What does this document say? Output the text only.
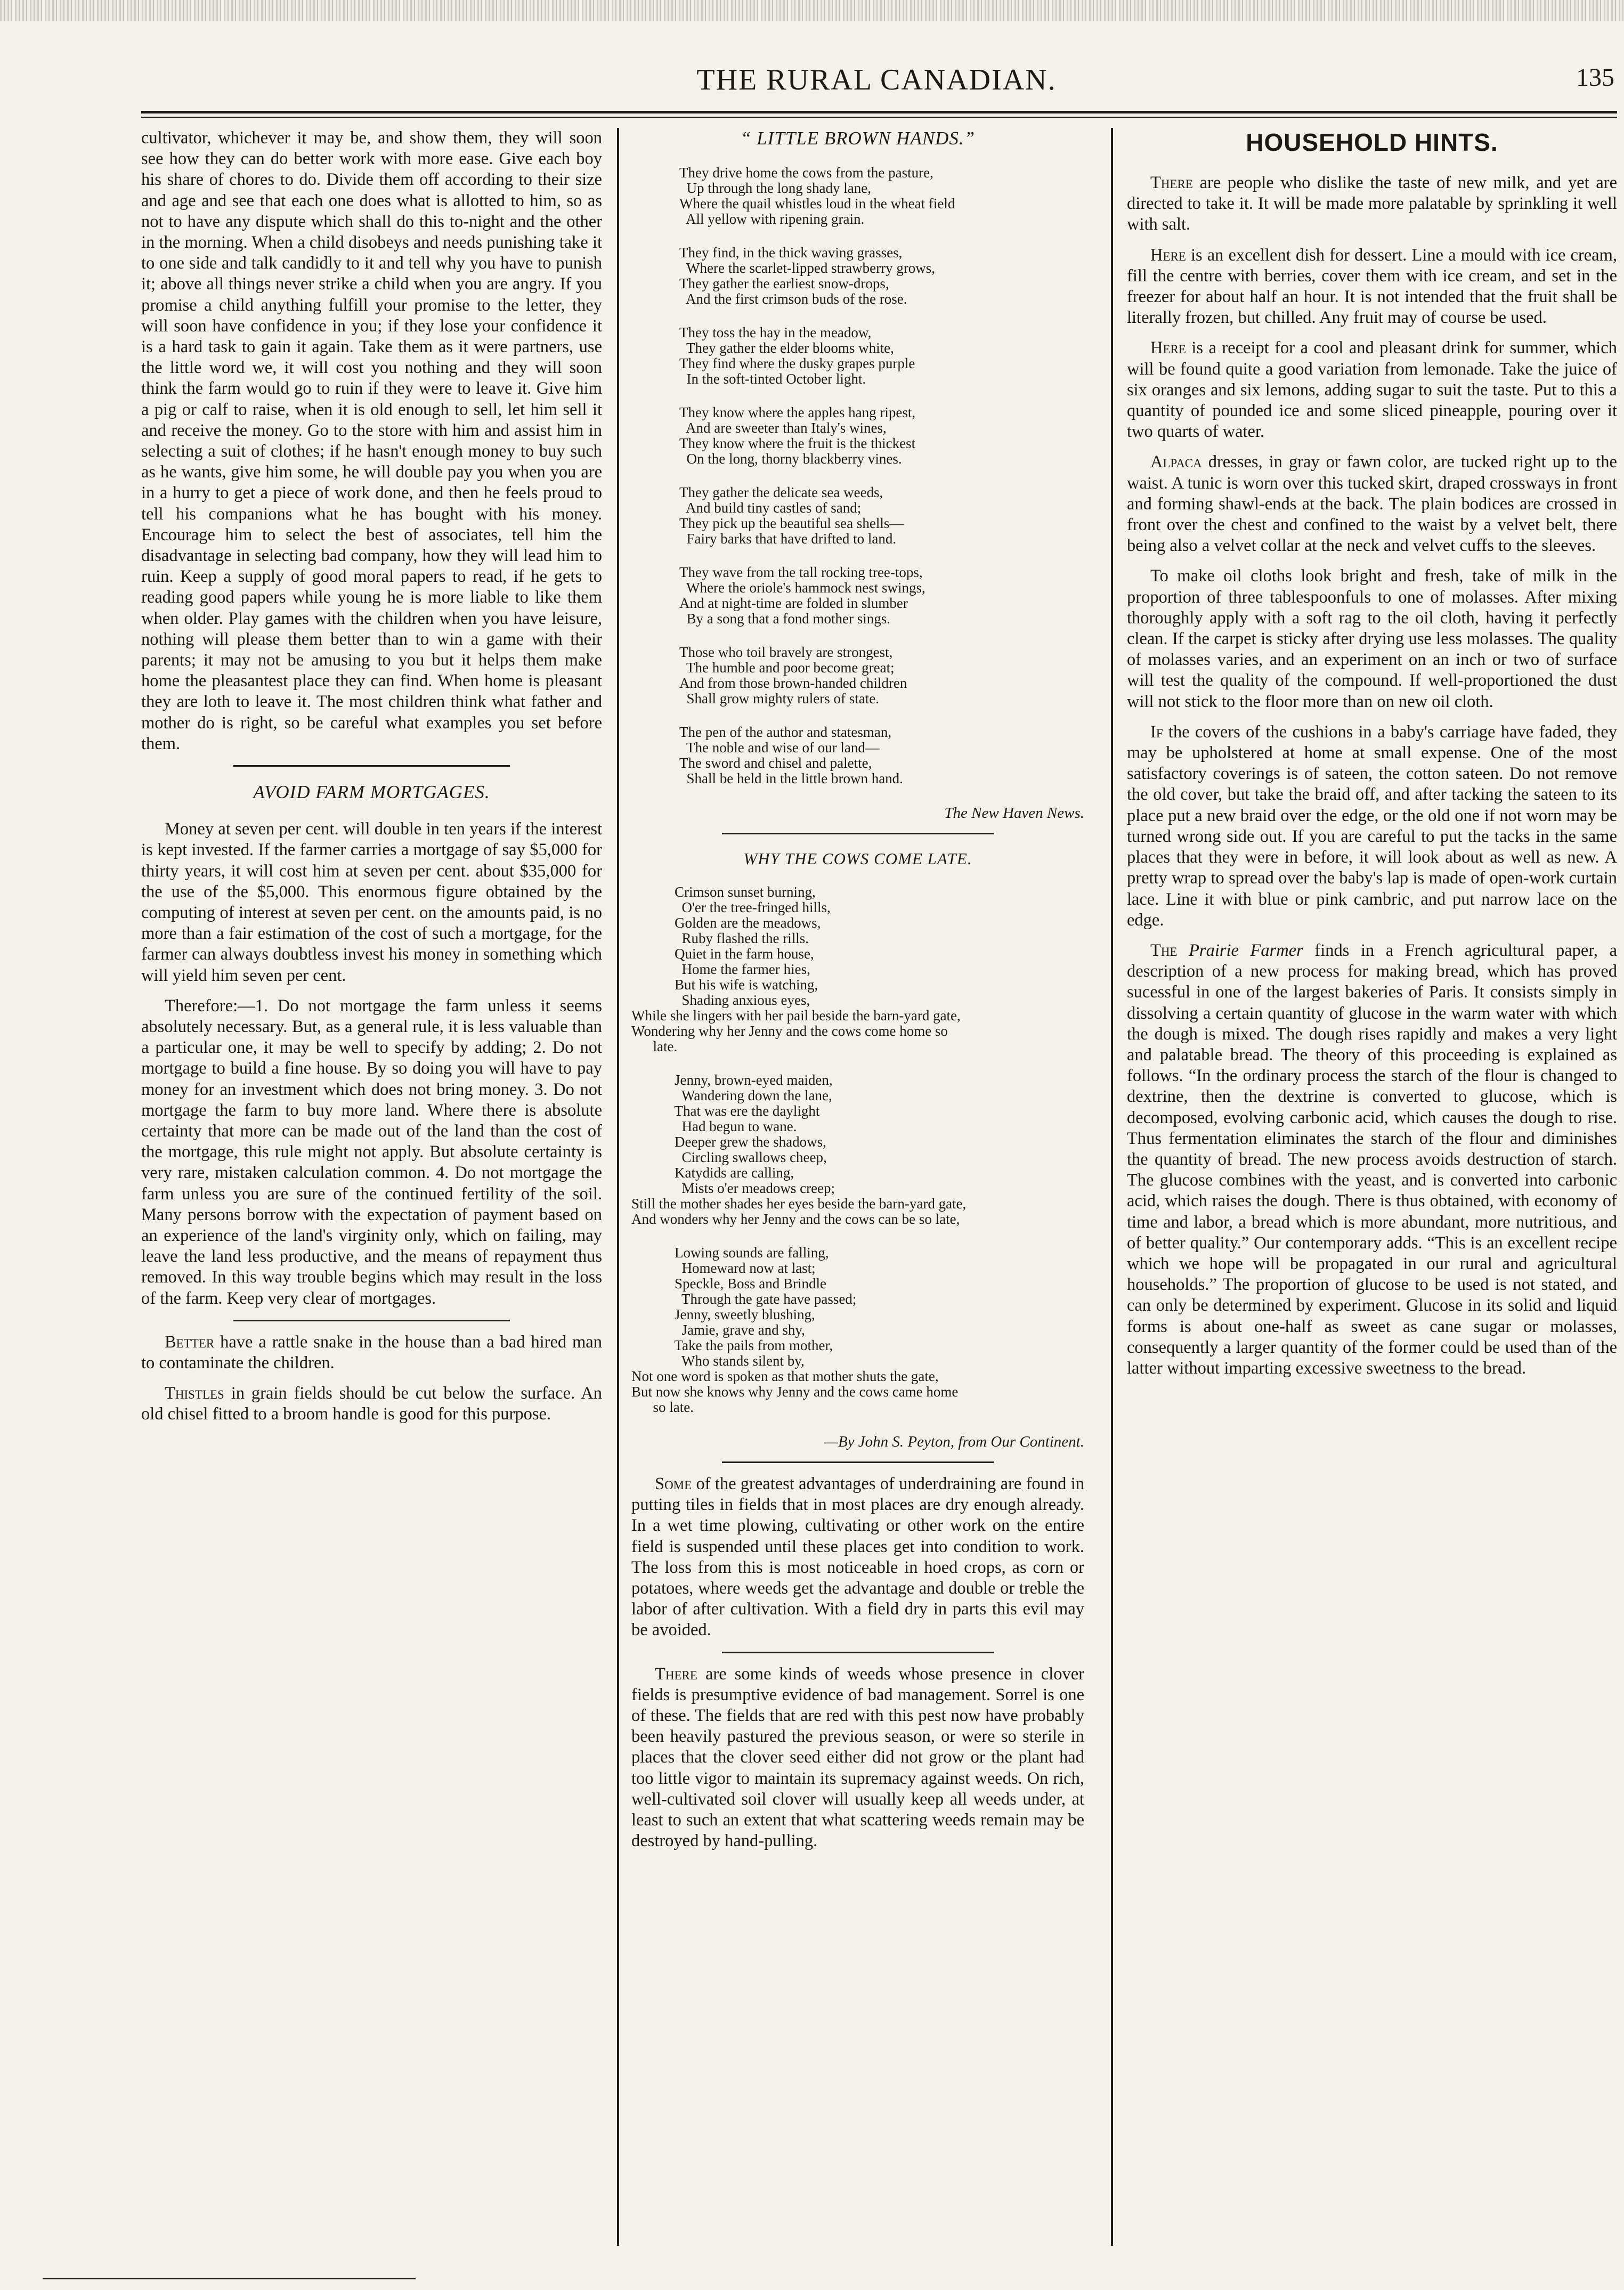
THE RURAL CANADIAN.	135

cultivator, whichever it may be, and show them, they will soon see how they can do better work with more ease. Give each boy his share of chores to do. Divide them off according to their size and age and see that each one does what is allotted to him, so as not to have any dispute which shall do this to-night and the other in the morning. When a child disobeys and needs punishing take it to one side and talk candidly to it and tell why you have to punish it; above all things never strike a child when you are angry. If you promise a child anything fulfill your promise to the letter, they will soon have confidence in you; if they lose your confidence it is a hard task to gain it again. Take them as it were partners, use the little word we, it will cost you nothing and they will soon think the farm would go to ruin if they were to leave it. Give him a pig or calf to raise, when it is old enough to sell, let him sell it and receive the money. Go to the store with him and assist him in selecting a suit of clothes; if he hasn't enough money to buy such as he wants, give him some, he will double pay you when you are in a hurry to get a piece of work done, and then he feels proud to tell his companions what he has bought with his money. Encourage him to select the best of associates, tell him the disadvantage in selecting bad company, how they will lead him to ruin. Keep a supply of good moral papers to read, if he gets to reading good papers while young he is more liable to like them when older. Play games with the children when you have leisure, nothing will please them better than to win a game with their parents; it may not be amusing to you but it helps them make home the pleasantest place they can find. When home is pleasant they are loth to leave it. The most children think what father and mother do is right, so be careful what examples you set before them.

AVOID FARM MORTGAGES.

Money at seven per cent. will double in ten years if the interest is kept invested. If the farmer carries a mortgage of say $5,000 for thirty years, it will cost him at seven per cent. about $35,000 for the use of the $5,000. This enormous figure obtained by the computing of interest at seven per cent. on the amounts paid, is no more than a fair estimation of the cost of such a mortgage, for the farmer can always doubtless invest his money in something which will yield him seven per cent.

Therefore:—1. Do not mortgage the farm unless it seems absolutely necessary. But, as a general rule, it is less valuable than a particular one, it may be well to specify by adding; 2. Do not mortgage to build a fine house. By so doing you will have to pay money for an investment which does not bring money. 3. Do not mortgage the farm to buy more land. Where there is absolute certainty that more can be made out of the land than the cost of the mortgage, this rule might not apply. But absolute certainty is very rare, mistaken calculation common. 4. Do not mortgage the farm unless you are sure of the continued fertility of the soil. Many persons borrow with the expectation of payment based on an experience of the land's virginity only, which on failing, may leave the land less productive, and the means of repayment thus removed. In this way trouble begins which may result in the loss of the farm. Keep very clear of mortgages.

Better have a rattle snake in the house than a bad hired man to contaminate the children.

Thistles in grain fields should be cut below the surface. An old chisel fitted to a broom handle is good for this purpose.

“ LITTLE BROWN HANDS.”
They drive home the cows from the pasture,
Up through the long shady lane,
Where the quail whistles loud in the wheat field
All yellow with ripening grain.
They find, in the thick waving grasses,
Where the scarlet-lipped strawberry grows,
They gather the earliest snow-drops,
And the first crimson buds of the rose.
They toss the hay in the meadow,
They gather the elder blooms white,
They find where the dusky grapes purple
In the soft-tinted October light.
They know where the apples hang ripest,
And are sweeter than Italy's wines,
They know where the fruit is the thickest
On the long, thorny blackberry vines.
They gather the delicate sea weeds,
And build tiny castles of sand;
They pick up the beautiful sea shells—
Fairy barks that have drifted to land.
They wave from the tall rocking tree-tops,
Where the oriole's hammock nest swings,
And at night-time are folded in slumber
By a song that a fond mother sings.
Those who toil bravely are strongest,
The humble and poor become great;
And from those brown-handed children
Shall grow mighty rulers of state.
The pen of the author and statesman,
The noble and wise of our land—
The sword and chisel and palette,
Shall be held in the little brown hand.
The New Haven News.
WHY THE COWS COME LATE.
Crimson sunset burning,
O'er the tree-fringed hills,
Golden are the meadows,
Ruby flashed the rills.
Quiet in the farm house,
Home the farmer hies,
But his wife is watching,
Shading anxious eyes,
While she lingers with her pail beside the barn-yard gate,
Wondering why her Jenny and the cows come home so
late.
Jenny, brown-eyed maiden,
Wandering down the lane,
That was ere the daylight
Had begun to wane.
Deeper grew the shadows,
Circling swallows cheep,
Katydids are calling,
Mists o'er meadows creep;
Still the mother shades her eyes beside the barn-yard gate,
And wonders why her Jenny and the cows can be so late,
Lowing sounds are falling,
Homeward now at last;
Speckle, Boss and Brindle
Through the gate have passed;
Jenny, sweetly blushing,
Jamie, grave and shy,
Take the pails from mother,
Who stands silent by,
Not one word is spoken as that mother shuts the gate,
But now she knows why Jenny and the cows came home
so late.
—By John S. Peyton, from Our Continent.

Some of the greatest advantages of underdraining are found in putting tiles in fields that in most places are dry enough already. In a wet time plowing, cultivating or other work on the entire field is suspended until these places get into condition to work. The loss from this is most noticeable in hoed crops, as corn or potatoes, where weeds get the advantage and double or treble the labor of after cultivation. With a field dry in parts this evil may be avoided.

There are some kinds of weeds whose presence in clover fields is presumptive evidence of bad management. Sorrel is one of these. The fields that are red with this pest now have probably been heavily pastured the previous season, or were so sterile in places that the clover seed either did not grow or the plant had too little vigor to maintain its supremacy against weeds. On rich, well-cultivated soil clover will usually keep all weeds under, at least to such an extent that what scattering weeds remain may be destroyed by hand-pulling.

HOUSEHOLD HINTS.

There are people who dislike the taste of new milk, and yet are directed to take it. It will be made more palatable by sprinkling it well with salt.

Here is an excellent dish for dessert. Line a mould with ice cream, fill the centre with berries, cover them with ice cream, and set in the freezer for about half an hour. It is not intended that the fruit shall be literally frozen, but chilled. Any fruit may of course be used.

Here is a receipt for a cool and pleasant drink for summer, which will be found quite a good variation from lemonade. Take the juice of six oranges and six lemons, adding sugar to suit the taste. Put to this a quantity of pounded ice and some sliced pineapple, pouring over it two quarts of water.

Alpaca dresses, in gray or fawn color, are tucked right up to the waist. A tunic is worn over this tucked skirt, draped crossways in front and forming shawl-ends at the back. The plain bodices are crossed in front over the chest and confined to the waist by a velvet belt, there being also a velvet collar at the neck and velvet cuffs to the sleeves.

To make oil cloths look bright and fresh, take of milk in the proportion of three tablespoonfuls to one of molasses. After mixing thoroughly apply with a soft rag to the oil cloth, having it perfectly clean. If the carpet is sticky after drying use less molasses. The quality of molasses varies, and an experiment on an inch or two of surface will test the quality of the compound. If well-proportioned the dust will not stick to the floor more than on new oil cloth.

If the covers of the cushions in a baby's carriage have faded, they may be upholstered at home at small expense. One of the most satisfactory coverings is of sateen, the cotton sateen. Do not remove the old cover, but take the braid off, and after tacking the sateen to its place put a new braid over the edge, or the old one if not worn may be turned wrong side out. If you are careful to put the tacks in the same places that they were in before, it will look about as well as new. A pretty wrap to spread over the baby's lap is made of open-work curtain lace. Line it with blue or pink cambric, and put narrow lace on the edge.

The Prairie Farmer finds in a French agricultural paper, a description of a new process for making bread, which has proved sucessful in one of the largest bakeries of Paris. It consists simply in dissolving a certain quantity of glucose in the warm water with which the dough is mixed. The dough rises rapidly and makes a very light and palatable bread. The theory of this proceeding is explained as follows. “In the ordinary process the starch of the flour is changed to dextrine, then the dextrine is converted to glucose, which is decomposed, evolving carbonic acid, which causes the dough to rise. Thus fermentation eliminates the starch of the flour and diminishes the quantity of bread. The new process avoids destruction of starch. The glucose combines with the yeast, and is converted into carbonic acid, which raises the dough. There is thus obtained, with economy of time and labor, a bread which is more abundant, more nutritious, and of better quality.” Our contemporary adds. “This is an excellent recipe which we hope will be propagated in our rural and agricultural households.” The proportion of glucose to be used is not stated, and can only be determined by experiment. Glucose in its solid and liquid forms is about one-half as sweet as cane sugar or molasses, consequently a larger quantity of the former could be used than of the latter without imparting excessive sweetness to the bread.
